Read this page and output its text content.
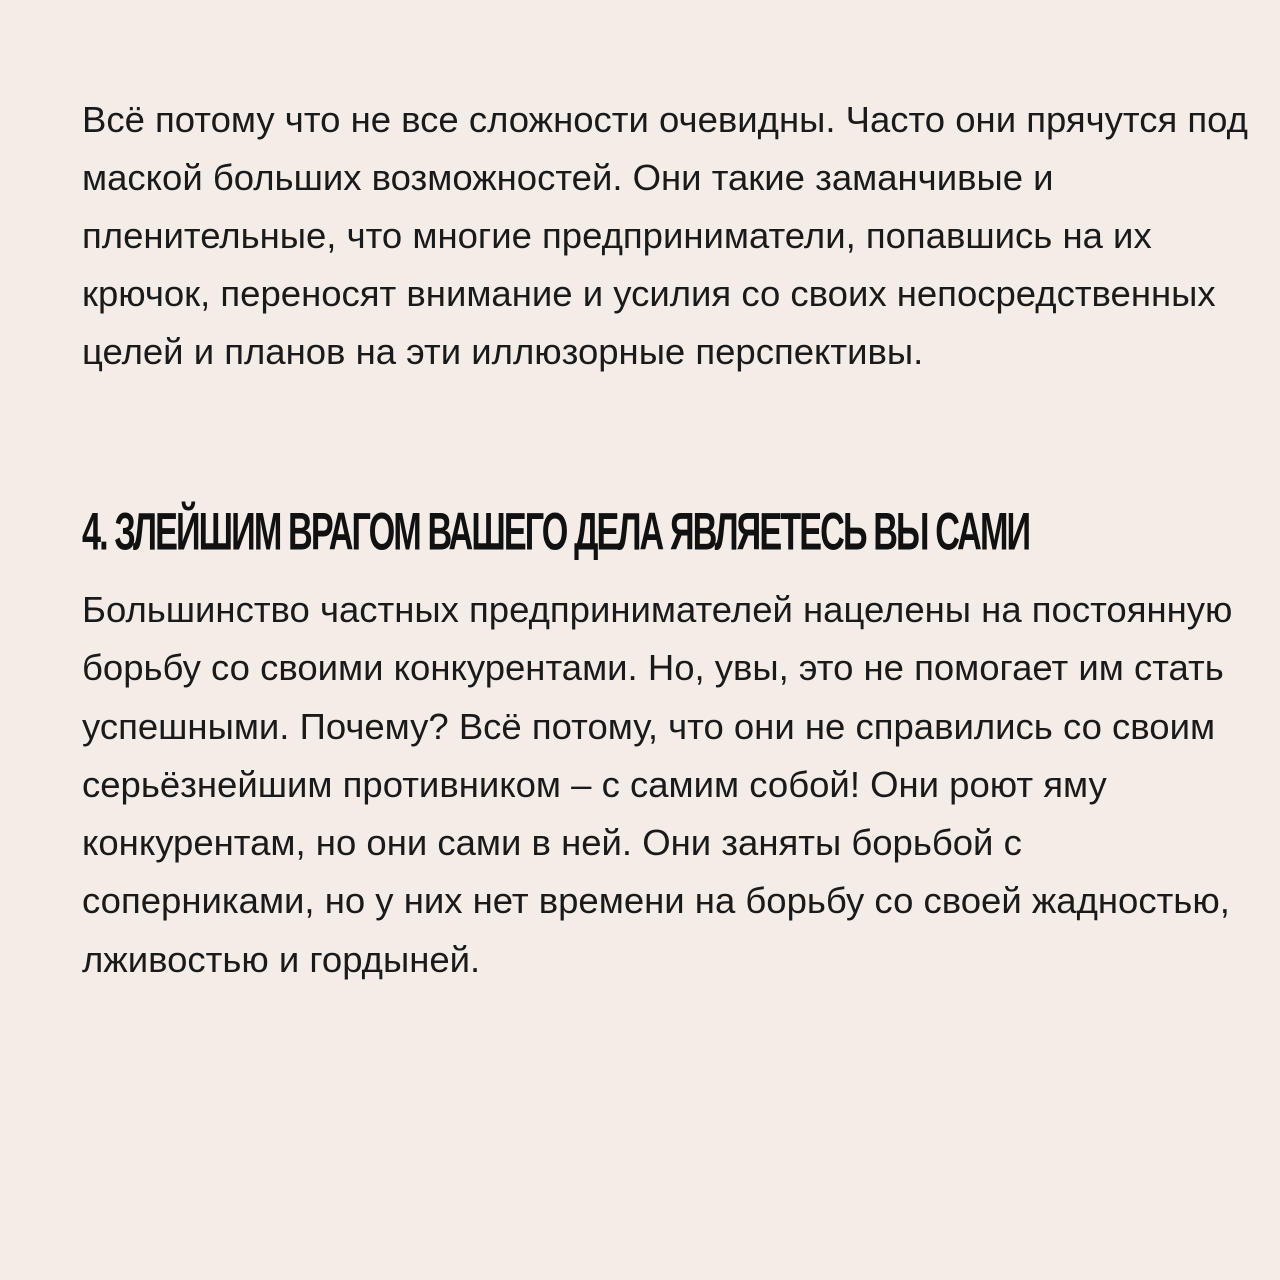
Всё потому что не все сложности очевидны. Часто они прячутся под маской больших возможностей. Они такие заманчивые и пленительные, что многие предприниматели, попавшись на их крючок, переносят внимание и усилия со своих непосредственных целей и планов на эти иллюзорные перспективы.

4. ЗЛЕЙШИМ ВРАГОМ ВАШЕГО ДЕЛА ЯВЛЯЕТЕСЬ ВЫ САМИ

Большинство частных предпринимателей нацелены на постоянную борьбу со своими конкурентами. Но, увы, это не помогает им стать успешными. Почему? Всё потому, что они не справились со своим серьёзнейшим противником – с самим собой! Они роют яму конкурентам, но они сами в ней. Они заняты борьбой с соперниками, но у них нет времени на борьбу со своей жадностью, лживостью и гордыней.
